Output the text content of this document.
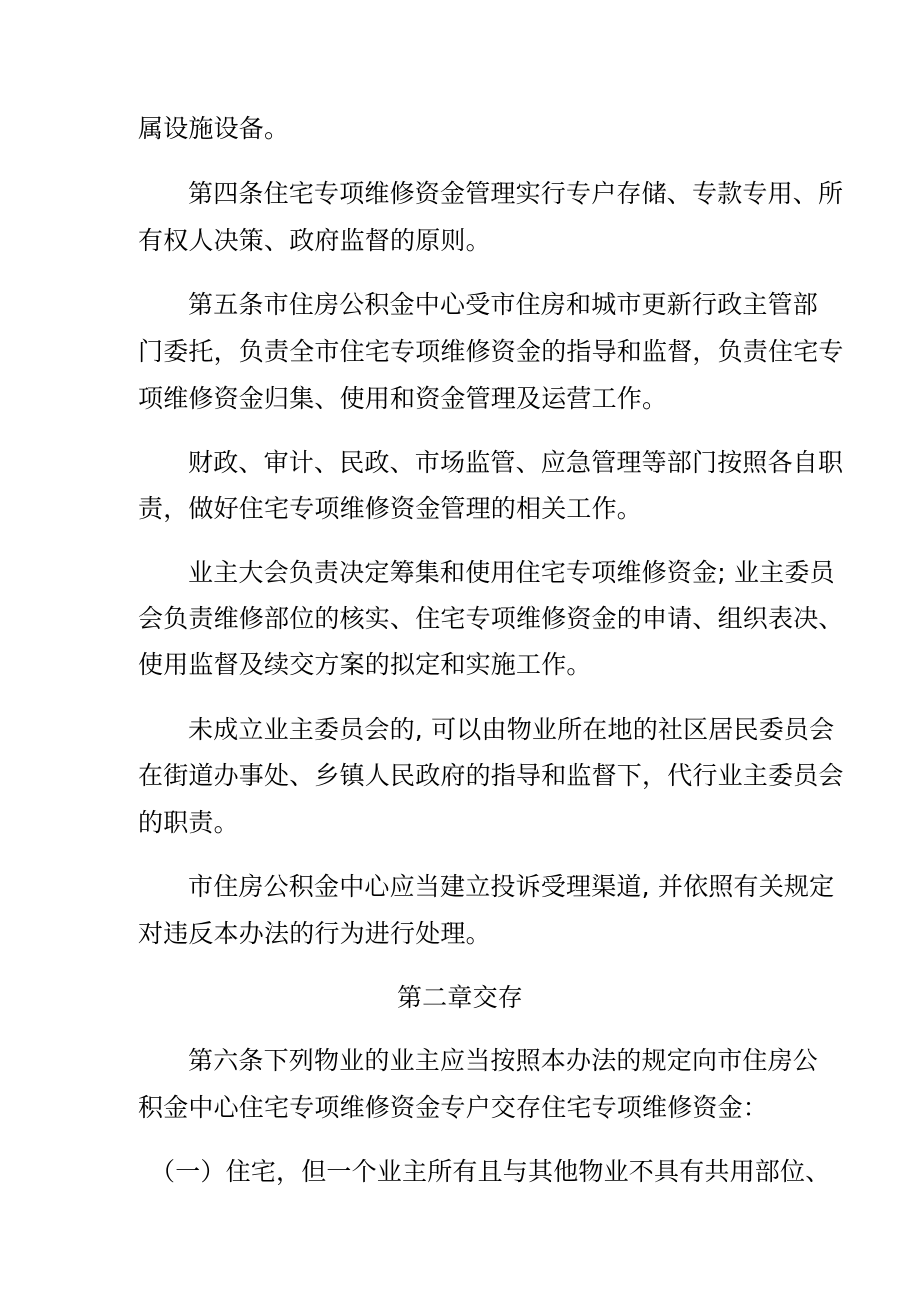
属设施设备。
第四条住宅专项维修资金管理实行专户存储、专款专用、所
有权人决策、政府监督的原则。
第五条市住房公积金中心受市住房和城市更新行政主管部
门委托，负责全市住宅专项维修资金的指导和监督，负责住宅专
项维修资金归集、使用和资金管理及运营工作。
财政、审计、民政、市场监管、应急管理等部门按照各自职
责，做好住宅专项维修资金管理的相关工作。
业主大会负责决定筹集和使用住宅专项维修资金; 业主委员
会负责维修部位的核实、住宅专项维修资金的申请、组织表决、
使用监督及续交方案的拟定和实施工作。
未成立业主委员会的, 可以由物业所在地的社区居民委员会
在街道办事处、乡镇人民政府的指导和监督下，代行业主委员会
的职责。
市住房公积金中心应当建立投诉受理渠道, 并依照有关规定
对违反本办法的行为进行处理。
第二章交存
第六条下列物业的业主应当按照本办法的规定向市住房公
积金中心住宅专项维修资金专户交存住宅专项维修资金：
（一）住宅，但一个业主所有且与其他物业不具有共用部位、
